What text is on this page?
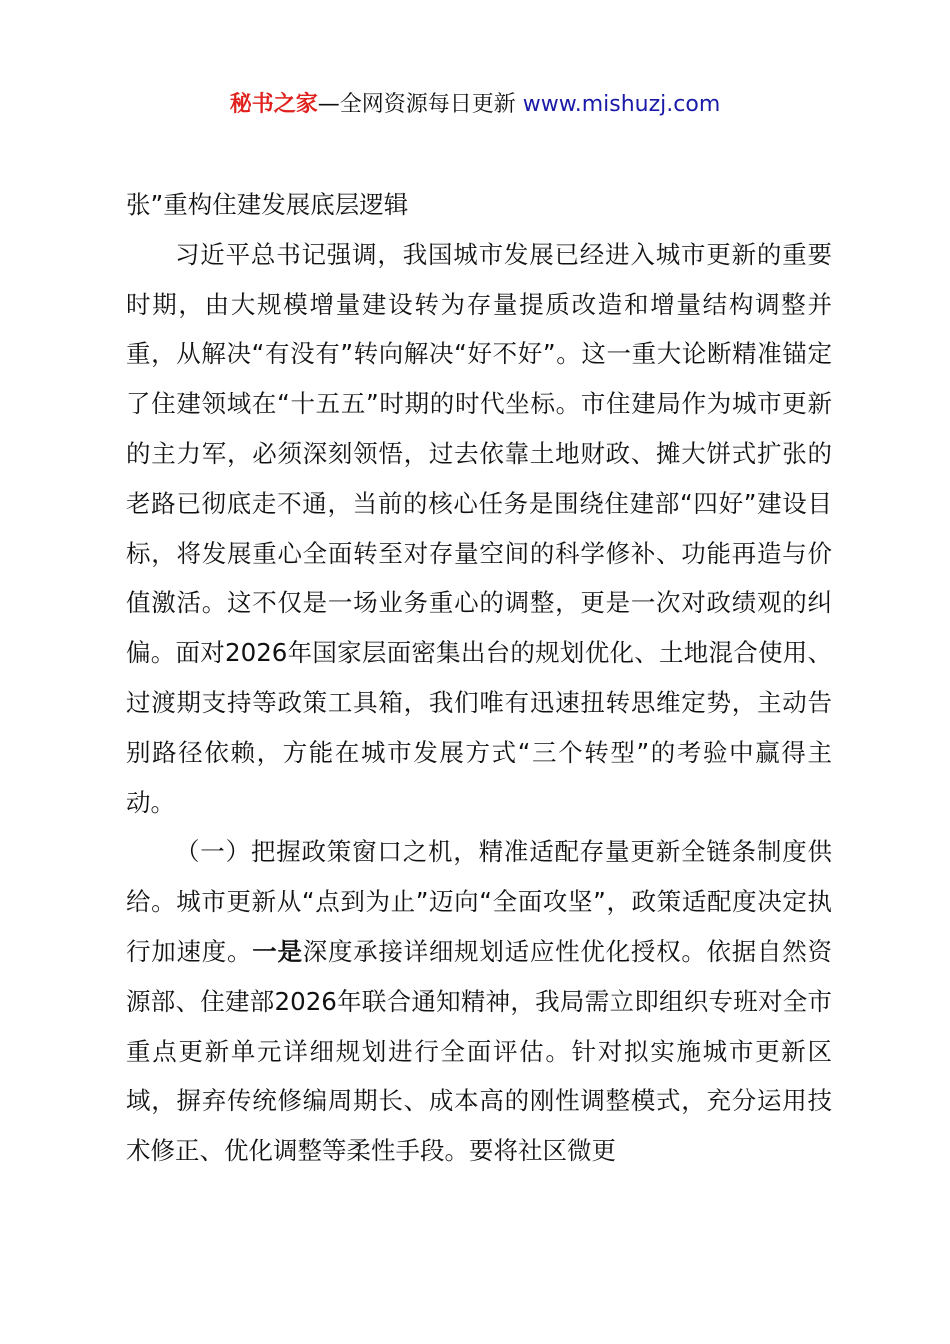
秘书之家—全网资源每日更新 www.mishuzj.com

张”重构住建发展底层逻辑

习近平总书记强调，我国城市发展已经进入城市更新的重要时期，由大规模增量建设转为存量提质改造和增量结构调整并重，从解决“有没有”转向解决“好不好”。这一重大论断精准锚定了住建领域在“十五五”时期的时代坐标。市住建局作为城市更新的主力军，必须深刻领悟，过去依靠土地财政、摊大饼式扩张的老路已彻底走不通，当前的核心任务是围绕住建部“四好”建设目标，将发展重心全面转至对存量空间的科学修补、功能再造与价值激活。这不仅是一场业务重心的调整，更是一次对政绩观的纠偏。面对2026年国家层面密集出台的规划优化、土地混合使用、过渡期支持等政策工具箱，我们唯有迅速扭转思维定势，主动告别路径依赖，方能在城市发展方式“三个转型”的考验中赢得主动。

（一）把握政策窗口之机，精准适配存量更新全链条制度供给。城市更新从“点到为止”迈向“全面攻坚”，政策适配度决定执行加速度。一是深度承接详细规划适应性优化授权。依据自然资源部、住建部2026年联合通知精神，我局需立即组织专班对全市重点更新单元详细规划进行全面评估。针对拟实施城市更新区域，摒弃传统修编周期长、成本高的刚性调整模式，充分运用技术修正、优化调整等柔性手段。要将社区微更
